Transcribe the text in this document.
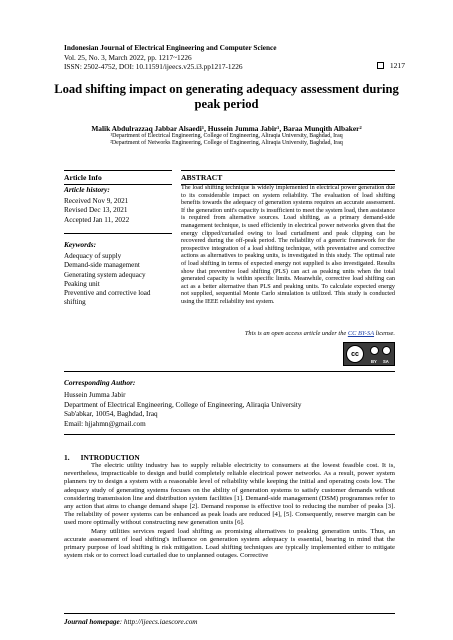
Indonesian Journal of Electrical Engineering and Computer Science
Vol. 25, No. 3, March 2022, pp. 1217~1226
ISSN: 2502-4752, DOI: 10.11591/ijeecs.v25.i3.pp1217-1226	1217
Load shifting impact on generating adequacy assessment during peak period
Malik Abdulrazzaq Jabbar Alsaedi¹, Hussein Jumma Jabir¹, Baraa Munqith Albaker²
¹Department of Electrical Engineering, College of Engineering, Aliraqia University, Baghdad, Iraq
²Department of Networks Engineering, College of Engineering, Aliraqia University, Baghdad, Iraq
Article Info
Article history:
Received Nov 9, 2021
Revised Dec 13, 2021
Accepted Jan 11, 2022
Keywords:
Adequacy of supply
Demand-side management
Generating system adequacy
Peaking unit
Preventive and corrective load shifting
ABSTRACT
The load shifting technique is widely implemented in electrical power generation due to its considerable impact on system reliability. The evaluation of load shifting benefits towards the adequacy of generation systems requires an accurate assessment. If the generation unit's capacity is insufficient to meet the system load, then assistance is required from alternative sources. Load shifting, as a primary demand-side management technique, is used efficiently in electrical power networks given that the energy clipped/curtailed owing to load curtailment and peak clipping can be recovered during the off-peak period. The reliability of a generic framework for the prospective integration of a load shifting technique, with preventative and corrective actions as alternatives to peaking units, is investigated in this study. The optimal rate of load shifting in terms of expected energy not supplied is also investigated. Results show that preventive load shifting (PLS) can act as peaking units when the total generated capacity is within specific limits. Meanwhile, corrective load shifting can act as a better alternative than PLS and peaking units. To calculate expected energy not supplied, sequential Monte Carlo simulation is utilized. This study is conducted using the IEEE reliability test system.
This is an open access article under the CC BY-SA license.
cc
BY SA
Corresponding Author:
Hussein Jumma Jabir
Department of Electrical Engineering, College of Engineering, Aliraqia University
Sab'abkar, 10054, Baghdad, Iraq
Email: hjjahmn@gmail.com
1.      INTRODUCTION

The electric utility industry has to supply reliable electricity to consumers at the lowest feasible cost. It is, nevertheless, impracticable to design and build completely reliable electrical power networks. As a result, power system planners try to design a system with a reasonable level of reliability while keeping the initial and operating costs low. The adequacy study of generating systems focuses on the ability of generation systems to satisfy customer demands without considering transmission line and distribution system facilities [1]. Demand-side management (DSM) programmes refer to any action that aims to change demand shape [2]. Demand response is effective tool to reducing the number of peaks [3]. The reliability of power systems can be enhanced as peak loads are reduced [4], [5]. Consequently, reserve margin can be used more optimally without constructing new generation units [6].

Many utilities services regard load shifting as promising alternatives to peaking generation units. Thus, an accurate assessment of load shifting's influence on generation system adequacy is essential, bearing in mind that the primary purpose of load shifting is risk mitigation. Load shifting techniques are typically implemented either to mitigate system risk or to correct load curtailed due to unplanned outages. Corrective

Journal homepage: http://ijeecs.iaescore.com
